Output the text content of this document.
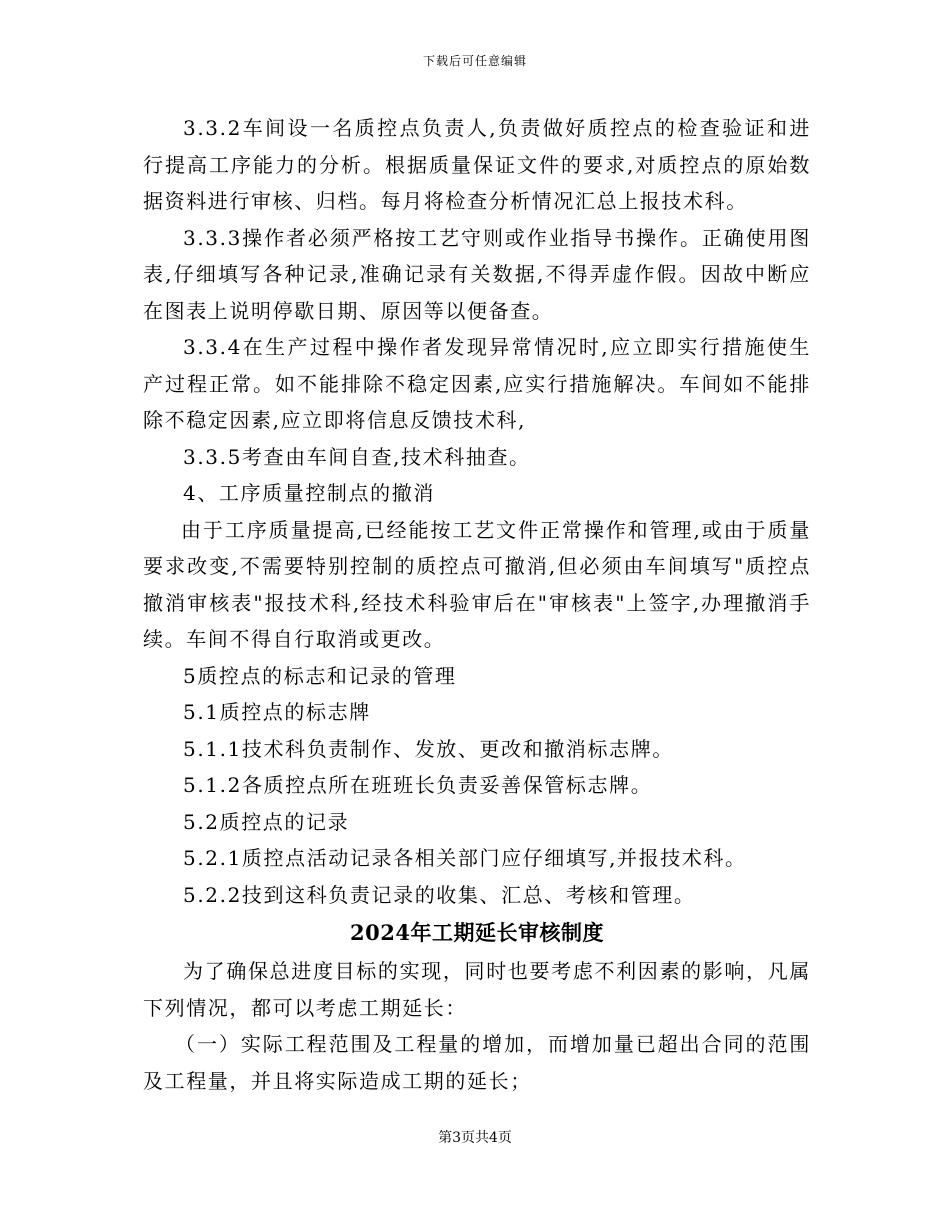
下载后可任意编辑

3.3.2车间设一名质控点负责人,负责做好质控点的检查验证和进行提高工序能力的分析。根据质量保证文件的要求,对质控点的原始数据资料进行审核、归档。每月将检查分析情况汇总上报技术科。

3.3.3操作者必须严格按工艺守则或作业指导书操作。正确使用图表,仔细填写各种记录,准确记录有关数据,不得弄虚作假。因故中断应在图表上说明停歇日期、原因等以便备查。

3.3.4在生产过程中操作者发现异常情况时,应立即实行措施使生产过程正常。如不能排除不稳定因素,应实行措施解决。车间如不能排除不稳定因素,应立即将信息反馈技术科,

3.3.5考查由车间自查,技术科抽查。

4、工序质量控制点的撤消

由于工序质量提高,已经能按工艺文件正常操作和管理,或由于质量要求改变,不需要特别控制的质控点可撤消,但必须由车间填写"质控点撤消审核表"报技术科,经技术科验审后在"审核表"上签字,办理撤消手续。车间不得自行取消或更改。

5质控点的标志和记录的管理

5.1质控点的标志牌

5.1.1技术科负责制作、发放、更改和撤消标志牌。

5.1.2各质控点所在班班长负责妥善保管标志牌。

5.2质控点的记录

5.2.1质控点活动记录各相关部门应仔细填写,并报技术科。

5.2.2技到这科负责记录的收集、汇总、考核和管理。

2024年工期延长审核制度

为了确保总进度目标的实现，同时也要考虑不利因素的影响，凡属下列情况，都可以考虑工期延长：

（一）实际工程范围及工程量的增加，而增加量已超出合同的范围及工程量，并且将实际造成工期的延长；

第3页共4页
